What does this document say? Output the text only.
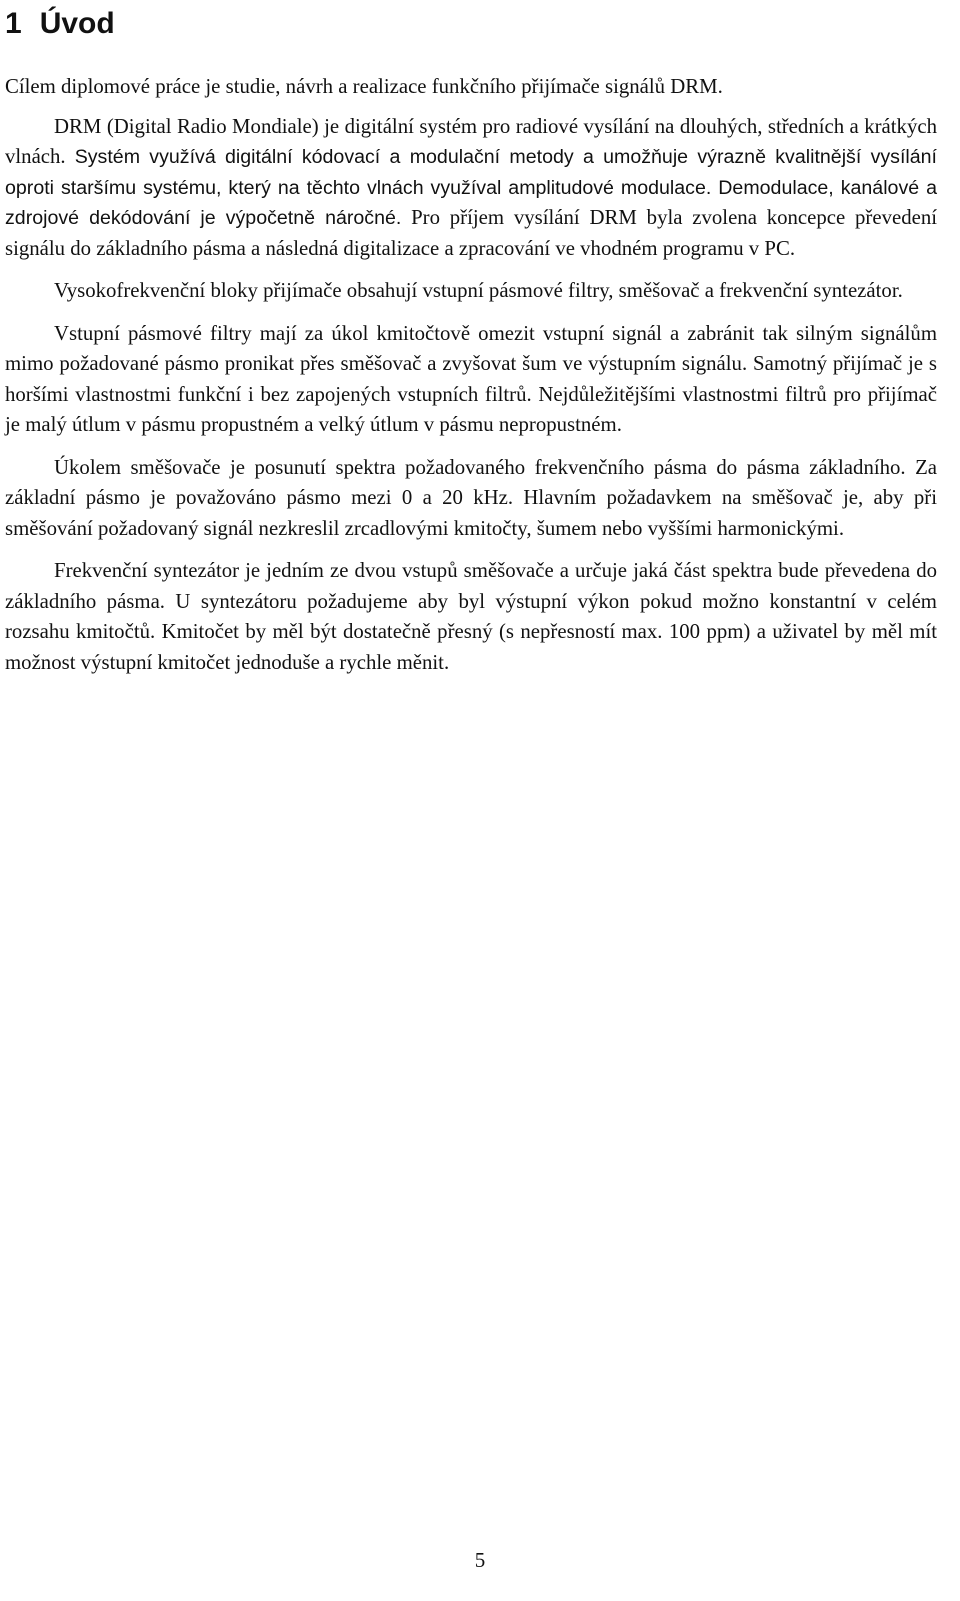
1 Úvod

Cílem diplomové práce je studie, návrh a realizace funkčního přijímače signálů DRM.

DRM (Digital Radio Mondiale) je digitální systém pro radiové vysílání na dlouhých, středních a krátkých vlnách. Systém využívá digitální kódovací a modulační metody a umožňuje výrazně kvalitnější vysílání oproti staršímu systému, který na těchto vlnách využíval amplitudové modulace. Demodulace, kanálové a zdrojové dekódování je výpočetně náročné. Pro příjem vysílání DRM byla zvolena koncepce převedení signálu do základního pásma a následná digitalizace a zpracování ve vhodném programu v PC.

Vysokofrekvenční bloky přijímače obsahují vstupní pásmové filtry, směšovač a frekvenční syntezátor.

Vstupní pásmové filtry mají za úkol kmitočtově omezit vstupní signál a zabránit tak silným signálům mimo požadované pásmo pronikat přes směšovač a zvyšovat šum ve výstupním signálu. Samotný přijímač je s horšími vlastnostmi funkční i bez zapojených vstupních filtrů. Nejdůležitějšími vlastnostmi filtrů pro přijímač je malý útlum v pásmu propustném a velký útlum v pásmu nepropustném.

Úkolem směšovače je posunutí spektra požadovaného frekvenčního pásma do pásma základního. Za základní pásmo je považováno pásmo mezi 0 a 20 kHz. Hlavním požadavkem na směšovač je, aby při směšování požadovaný signál nezkreslil zrcadlovými kmitočty, šumem nebo vyššími harmonickými.

Frekvenční syntezátor je jedním ze dvou vstupů směšovače a určuje jaká část spektra bude převedena do základního pásma. U syntezátoru požadujeme aby byl výstupní výkon pokud možno konstantní v celém rozsahu kmitočtů. Kmitočet by měl být dostatečně přesný (s nepřesností max. 100 ppm) a uživatel by měl mít možnost výstupní kmitočet jednoduše a rychle měnit.

5
